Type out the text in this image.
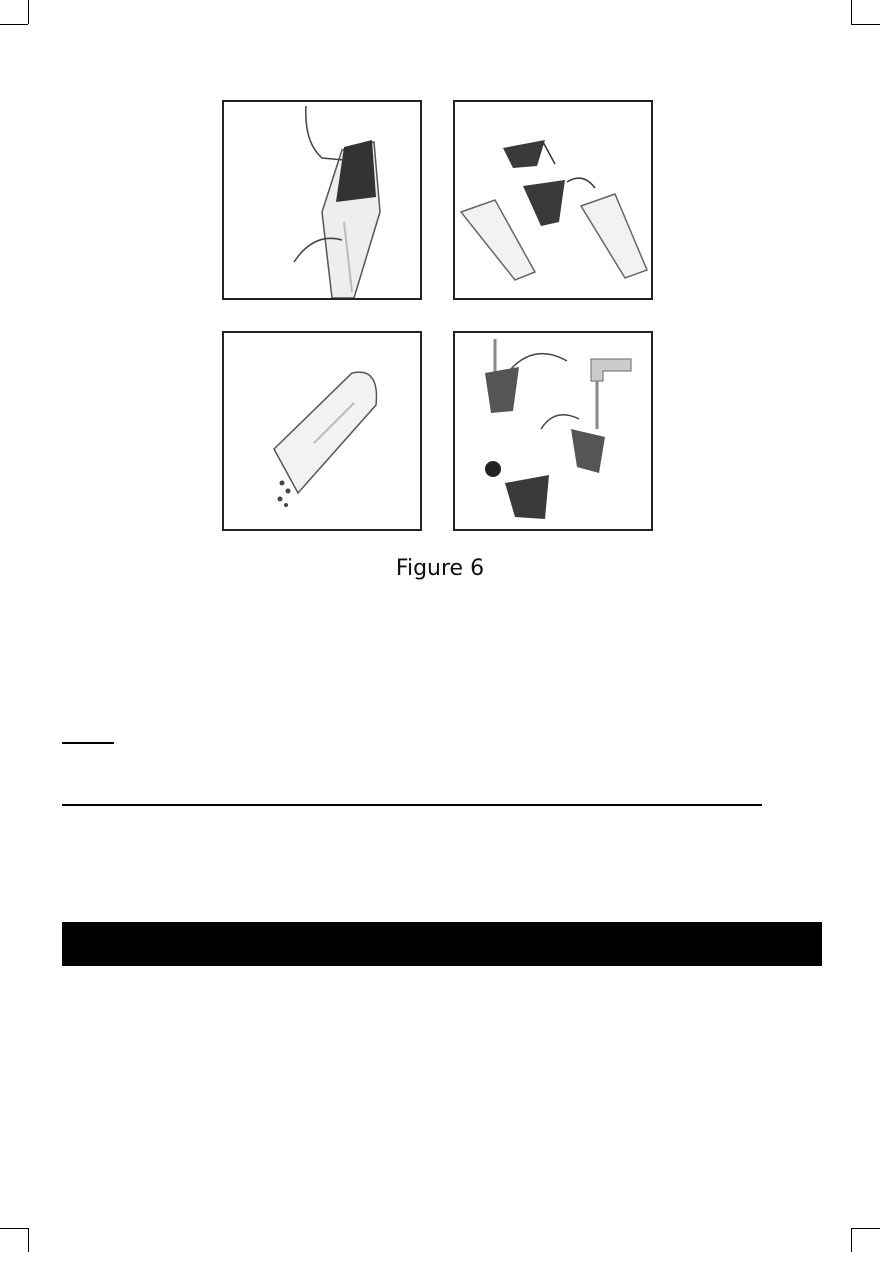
Figure 6
